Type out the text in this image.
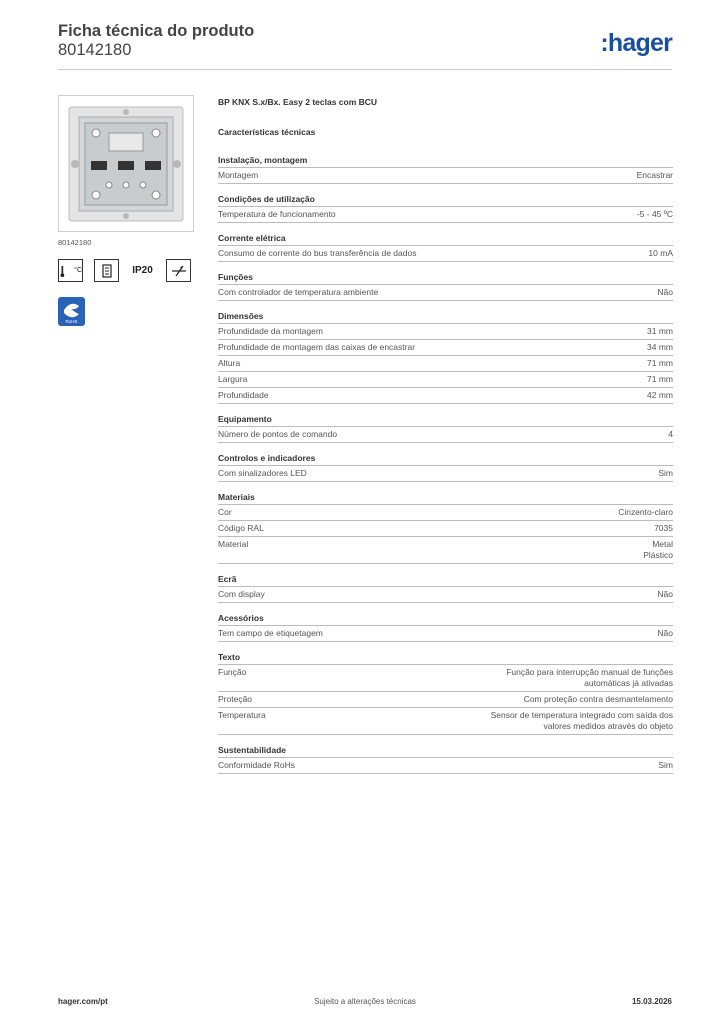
Ficha técnica do produto
80142180	:hager
80142180
°C	IP20
RoHS
BP KNX S.x/Bx. Easy 2 teclas com BCU
Características técnicas
Instalação, montagem
Montagem	Encastrar
Condições de utilização
Temperatura de funcionamento	-5 - 45 ºC
Corrente elétrica
Consumo de corrente do bus transferência de dados	10 mA
Funções
Com controlador de temperatura ambiente	Não
Dimensões
Profundidade da montagem	31 mm
Profundidade de montagem das caixas de encastrar	34 mm
Altura	71 mm
Largura	71 mm
Profundidade	42 mm
Equipamento
Número de pontos de comando	4
Controlos e indicadores
Com sinalizadores LED	Sim
Materiais
Cor	Cinzento-claro
Código RAL	7035
Material	Metal
Plástico
Ecrã
Com display	Não
Acessórios
Tem campo de etiquetagem	Não
Texto
Função	Função para interrupção manual de funções
automáticas já ativadas
Proteção	Com proteção contra desmantelamento
Temperatura	Sensor de temperatura integrado com saída dos
valores medidos através do objeto
Sustentabilidade
Conformidade RoHs	Sim
hager.com/pt	Sujeito a alterações técnicas	15.03.2026
